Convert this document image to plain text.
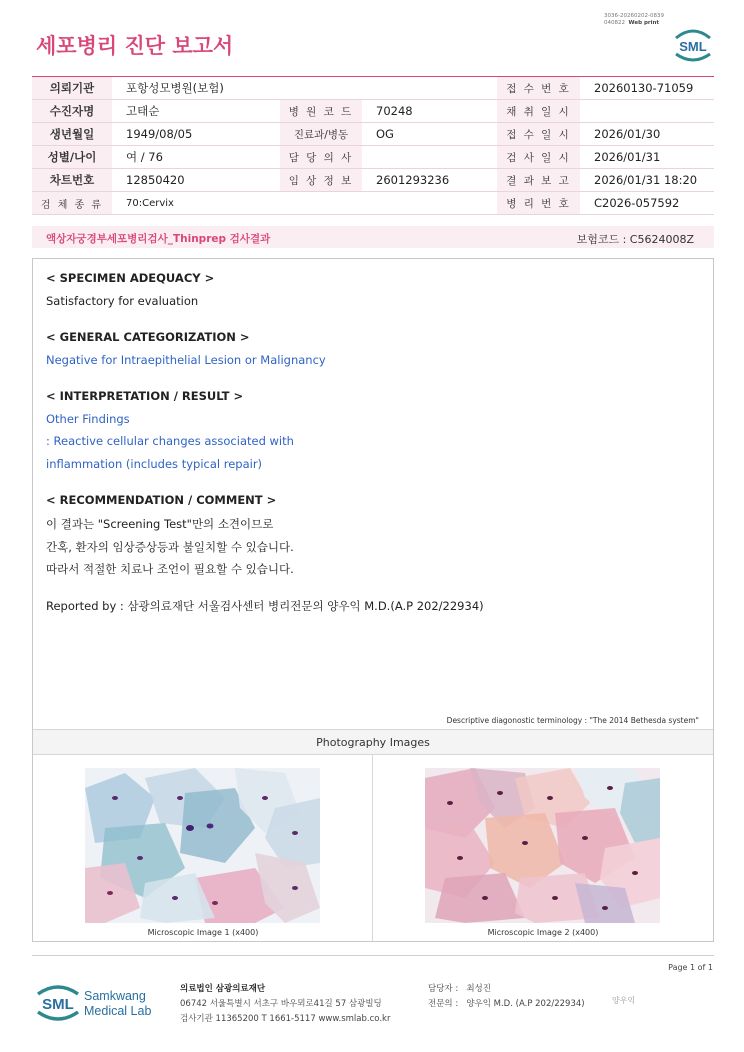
세포병리 진단 보고서
3036-20260202-0839
040822 Web print
SML
의뢰기관	포항성모병원(보험)			접 수 번 호	20260130-71059
수진자명	고태순	병 원 코 드	70248	채 취 일 시	
생년월일	1949/08/05	진료과/병동	OG	접 수 일 시	2026/01/30
성별/나이	여 / 76	담 당 의 사		검 사 일 시	2026/01/31
차트번호	12850420	임 상 정 보	2601293236	결 과 보 고	2026/01/31 18:20
검 체 종 류	70:Cervix			병 리 번 호	C2026-057592
액상자궁경부세포병리검사_Thinprep 검사결과	보험코드 : C5624008Z
< SPECIMEN ADEQUACY >
Satisfactory for evaluation
< GENERAL CATEGORIZATION >
Negative for Intraepithelial Lesion or Malignancy
< INTERPRETATION / RESULT >
Other Findings
: Reactive cellular changes associated with
inflammation (includes typical repair)
< RECOMMENDATION / COMMENT >
이 결과는 "Screening Test"만의 소견이므로
간혹, 환자의 임상증상등과 불일치할 수 있습니다.
따라서 적절한 치료나 조언이 필요할 수 있습니다.
Reported by : 삼광의료재단 서울검사센터 병리전문의 양우익 M.D.(A.P 202/22934)
Descriptive diagonostic terminology : "The 2014 Bethesda system"
Photography Images
Microscopic Image 1 (x400)	Microscopic Image 2 (x400)
Page 1 of 1
SML Samkwang
Medical Lab
의료법인 삼광의료재단
06742 서울특별시 서초구 바우뫼로41길 57 삼광빌딩
검사기관 11365200 T 1661-5117 www.smlab.co.kr
담당자 : 최성진
전문의 : 양우익 M.D. (A.P 202/22934)	양우익
